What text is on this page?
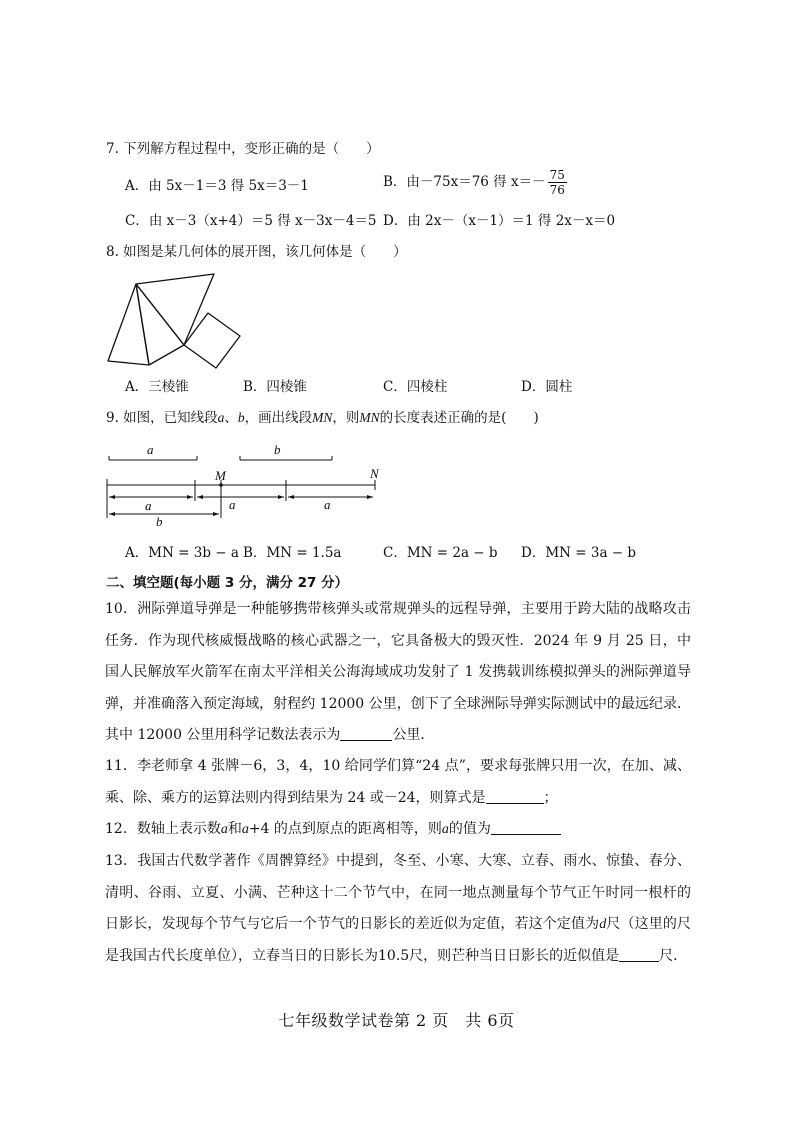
7. 下列解方程过程中，变形正确的是（　　）
A．由 5x－1＝3 得 5x＝3－1	B．由－75x＝76 得 $x=- \frac{75}{76}$
C．由 x－3（x+4）＝5 得 x－3x－4＝5 D．由 2x－（x－1）＝1 得 2x－x＝0
8. 如图是某几何体的展开图，该几何体是（　　）
A．三棱锥	B．四棱锥	C．四棱柱	D．圆柱
9. 如图，已知线段a、b，画出线段MN，则MN的长度表述正确的是(　　)
a	b
M	N
a	a	a
b
A．MN = 3b − a B．MN = 1.5a	C．MN = 2a − b D．MN = 3a − b
二、填空题(每小题 3 分，满分 27 分）
10．洲际弹道导弹是一种能够携带核弹头或常规弹头的远程导弹，主要用于跨大陆的战略攻击任务．作为现代核威慑战略的核心武器之一，它具备极大的毁灭性．2024 年 9 月 25 日，中国人民解放军火箭军在南太平洋相关公海海域成功发射了 1 发携载训练模拟弹头的洲际弹道导弹，并准确落入预定海域，射程约 12000 公里，创下了全球洲际导弹实际测试中的最远纪录．其中 12000 公里用科学记数法表示为	公里．
11．李老师拿 4 张牌－6，3，4，10 给同学们算“24 点”，要求每张牌只用一次，在加、减、乘、除、乘方的运算法则内得到结果为 24 或－24，则算式是	；
12．数轴上表示数a和a+4 的点到原点的距离相等，则a的值为
13．我国古代数学著作《周髀算经》中提到，冬至、小寒、大寒、立春、雨水、惊蛰、春分、清明、谷雨、立夏、小满、芒种这十二个节气中，在同一地点测量每个节气正午时同一根杆的日影长，发现每个节气与它后一个节气的日影长的差近似为定值，若这个定值为d尺（这里的尺是我国古代长度单位），立春当日的日影长为10.5尺，则芒种当日日影长的近似值是	尺．
七年级数学试卷第 2 页　共 6页
